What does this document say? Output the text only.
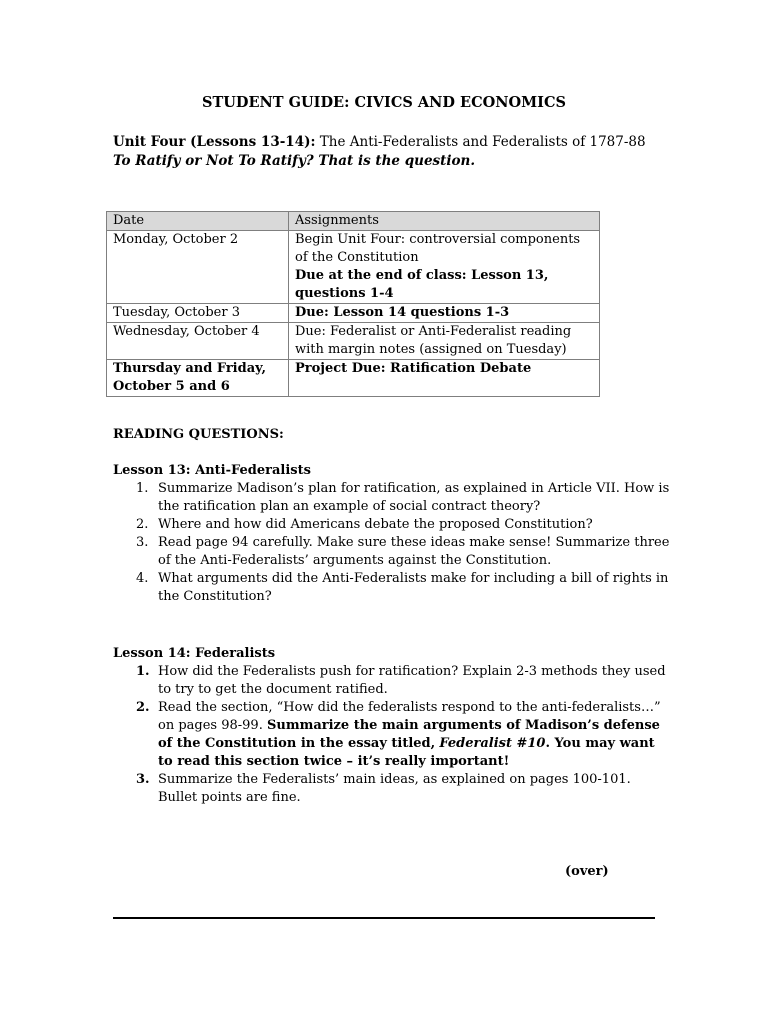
STUDENT GUIDE: CIVICS AND ECONOMICS
Unit Four (Lessons 13-14): The Anti-Federalists and Federalists of 1787-88
To Ratify or Not To Ratify? That is the question.
Date	Assignments
Monday, October 2	Begin Unit Four: controversial components of the Constitution
Due at the end of class: Lesson 13, questions 1-4

Tuesday, October 3	Due: Lesson 14 questions 1-3
Wednesday, October 4	Due: Federalist or Anti-Federalist reading with margin notes (assigned on Tuesday)
Thursday and Friday, October 5 and 6	Project Due: Ratification Debate
READING QUESTIONS:
Lesson 13: Anti-Federalists
1. Summarize Madison’s plan for ratification, as explained in Article VII. How is the ratification plan an example of social contract theory?
2. Where and how did Americans debate the proposed Constitution?
3. Read page 94 carefully. Make sure these ideas make sense! Summarize three of the Anti-Federalists’ arguments against the Constitution.
4. What arguments did the Anti-Federalists make for including a bill of rights in the Constitution?
Lesson 14: Federalists
1. How did the Federalists push for ratification? Explain 2-3 methods they used to try to get the document ratified.
2. Read the section, “How did the federalists respond to the anti-federalists…” on pages 98-99. Summarize the main arguments of Madison’s defense of the Constitution in the essay titled, Federalist #10. You may want to read this section twice – it’s really important!
3. Summarize the Federalists’ main ideas, as explained on pages 100-101. Bullet points are fine.
(over)
